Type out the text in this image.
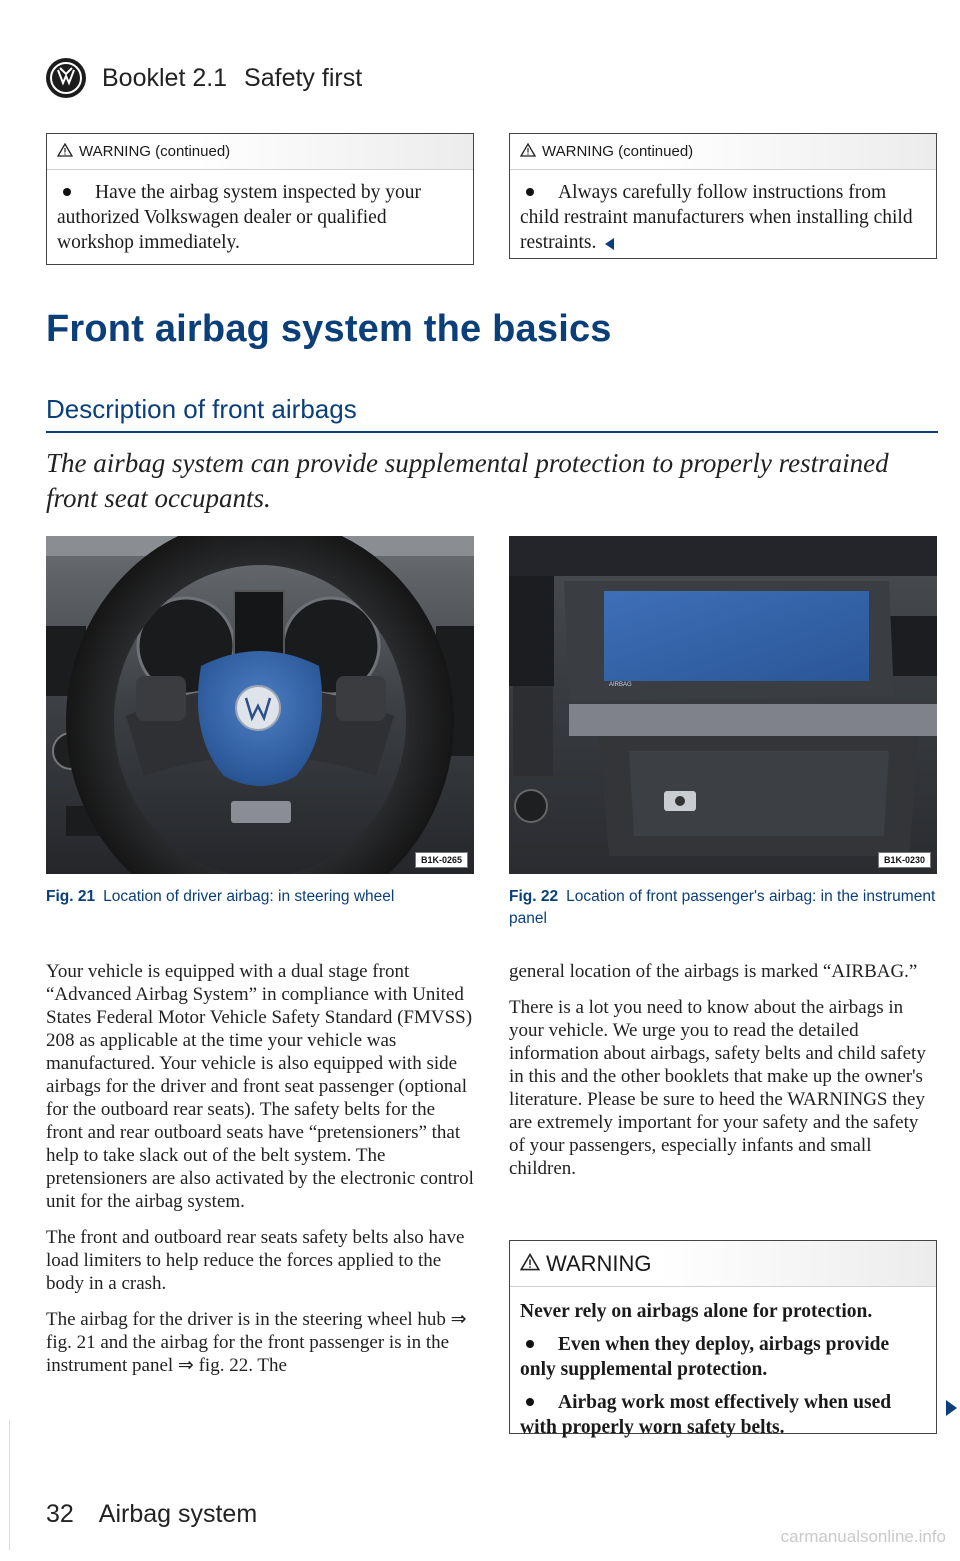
Booklet 2.1 Safety first
WARNING (continued)

Have the airbag system inspected by your authorized Volkswagen dealer or qualified workshop immediately.

WARNING (continued)

Always carefully follow instructions from child restraint manufacturers when installing child restraints.

Front airbag system the basics
Description of front airbags
The airbag system can provide supplemental protection to properly restrained front seat occupants.
B1K-0265
AIRBAG
B1K-0230
Fig. 21 Location of driver airbag: in steering wheel	Fig. 22 Location of front passenger's airbag: in the instrument panel

Your vehicle is equipped with a dual stage front “Advanced Airbag System” in compliance with United States Federal Motor Vehicle Safety Standard (FMVSS) 208 as applicable at the time your vehicle was manufactured. Your vehicle is also equipped with side airbags for the driver and front seat passenger (optional for the outboard rear seats). The safety belts for the front and rear outboard seats have “pretensioners” that help to take slack out of the belt system. The pretensioners are also activated by the electronic control unit for the airbag system.

The front and outboard rear seats safety belts also have load limiters to help reduce the forces applied to the body in a crash.

The airbag for the driver is in the steering wheel hub ⇒ fig. 21 and the airbag for the front passenger is in the instrument panel ⇒ fig. 22. The

general location of the airbags is marked “AIRBAG.”

There is a lot you need to know about the airbags in your vehicle. We urge you to read the detailed information about airbags, safety belts and child safety in this and the other booklets that make up the owner's literature. Please be sure to heed the WARNINGS they are extremely important for your safety and the safety of your passengers, especially infants and small children.

WARNING

Never rely on airbags alone for protection.

Even when they deploy, airbags provide only supplemental protection.

Airbag work most effectively when used with properly worn safety belts.

32 Airbag system
carmanualsonline.info
